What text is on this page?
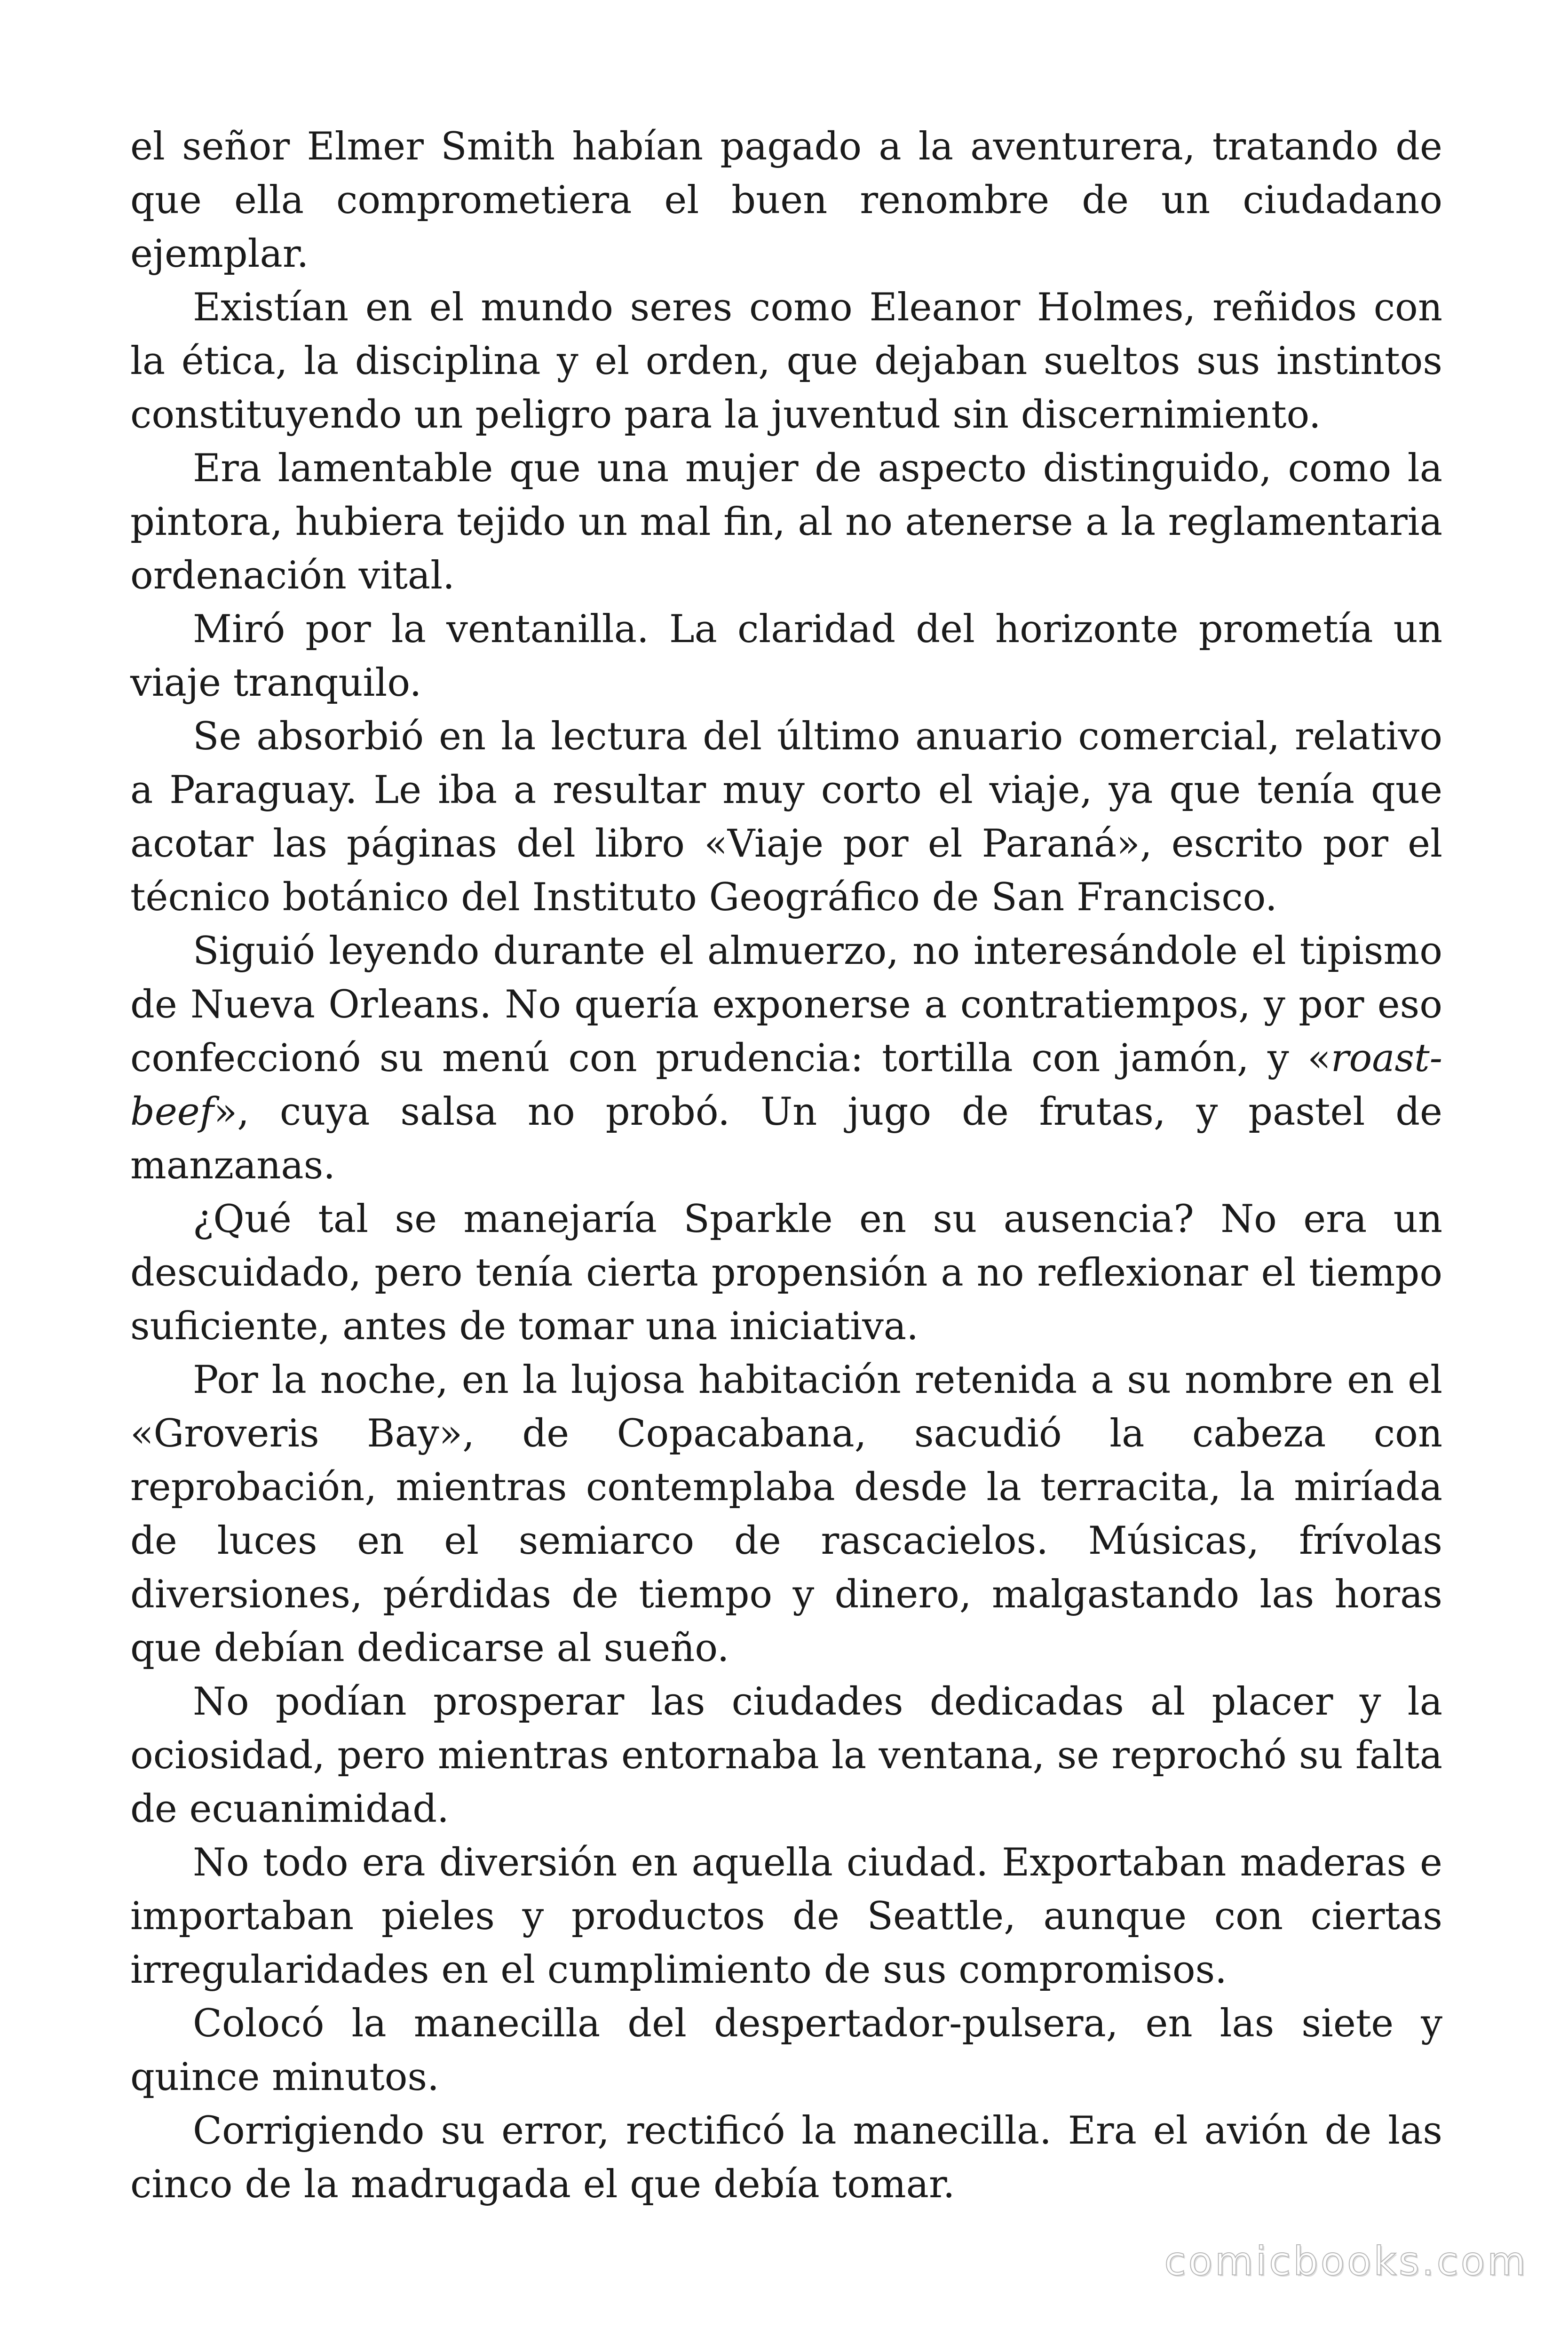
el señor Elmer Smith habían pagado a la aventurera, tratando de que ella comprometiera el buen renombre de un ciudadano ejemplar.

Existían en el mundo seres como Eleanor Holmes, reñidos con la ética, la disciplina y el orden, que dejaban sueltos sus instintos constituyendo un peligro para la juventud sin discernimiento.

Era lamentable que una mujer de aspecto distinguido, como la pintora, hubiera tejido un mal fin, al no atenerse a la reglamentaria ordenación vital.

Miró por la ventanilla. La claridad del horizonte prometía un viaje tranquilo.

Se absorbió en la lectura del último anuario comercial, relativo a Paraguay. Le iba a resultar muy corto el viaje, ya que tenía que acotar las páginas del libro «Viaje por el Paraná», escrito por el técnico botánico del Instituto Geográfico de San Francisco.

Siguió leyendo durante el almuerzo, no interesándole el tipismo de Nueva Orleans. No quería exponerse a contratiempos, y por eso confeccionó su menú con prudencia: tortilla con jamón, y «roast-beef», cuya salsa no probó. Un jugo de frutas, y pastel de manzanas.

¿Qué tal se manejaría Sparkle en su ausencia? No era un descuidado, pero tenía cierta propensión a no reflexionar el tiempo suficiente, antes de tomar una iniciativa.

Por la noche, en la lujosa habitación retenida a su nombre en el «Groveris Bay», de Copacabana, sacudió la cabeza con reprobación, mientras contemplaba desde la terracita, la miríada de luces en el semiarco de rascacielos. Músicas, frívolas diversiones, pérdidas de tiempo y dinero, malgastando las horas que debían dedicarse al sueño.

No podían prosperar las ciudades dedicadas al placer y la ociosidad, pero mientras entornaba la ventana, se reprochó su falta de ecuanimidad.

No todo era diversión en aquella ciudad. Exportaban maderas e importaban pieles y productos de Seattle, aunque con ciertas irregularidades en el cumplimiento de sus compromisos.

Colocó la manecilla del despertador-pulsera, en las siete y quince minutos.

Corrigiendo su error, rectificó la manecilla. Era el avión de las cinco de la madrugada el que debía tomar.

comicbooks.com
